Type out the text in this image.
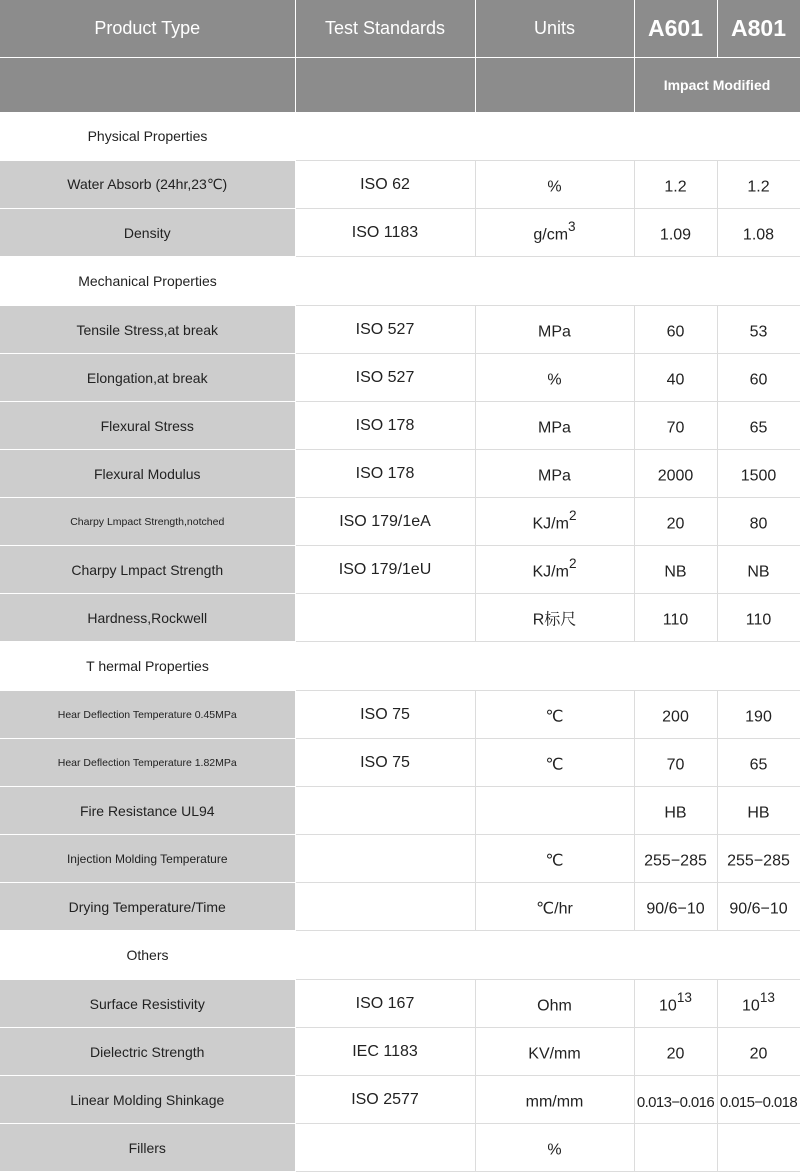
Product Type	Test Standards	Units	A601	A801
			Impact Modified	
Physical Properties				
Water Absorb (24hr,23℃)	ISO 62	%	1.2	1.2
Density	ISO 1183	$g/cm^3$	1.09	1.08
Mechanical Properties				
Tensile Stress,at break	ISO 527	MPa	60	53
Elongation,at break	ISO 527	%	40	60
Flexural Stress	ISO 178	MPa	70	65
Flexural Modulus	ISO 178	MPa	2000	1500
Charpy Lmpact Strength,notched	ISO 179/1eA	$KJ/m^2$	20	80
Charpy Lmpact Strength	ISO 179/1eU	$KJ/m^2$	NB	NB
Hardness,Rockwell		R标尺	110	110
T hermal Properties				
Hear Deflection Temperature 0.45MPa	ISO 75	℃	200	190
Hear Deflection Temperature 1.82MPa	ISO 75	℃	70	65
Fire Resistance UL94			HB	HB
Injection Molding Temperature		℃	255−285	255−285
Drying Temperature/Time		℃/hr	90/6−10	90/6−10
Others				
Surface Resistivity	ISO 167	Ohm	$10^{13}$	$10^{13}$
Dielectric Strength	IEC 1183	KV/mm	20	20
Linear Molding Shinkage	ISO 2577	mm/mm	0.013−0.016	0.015−0.018
Fillers		%		
